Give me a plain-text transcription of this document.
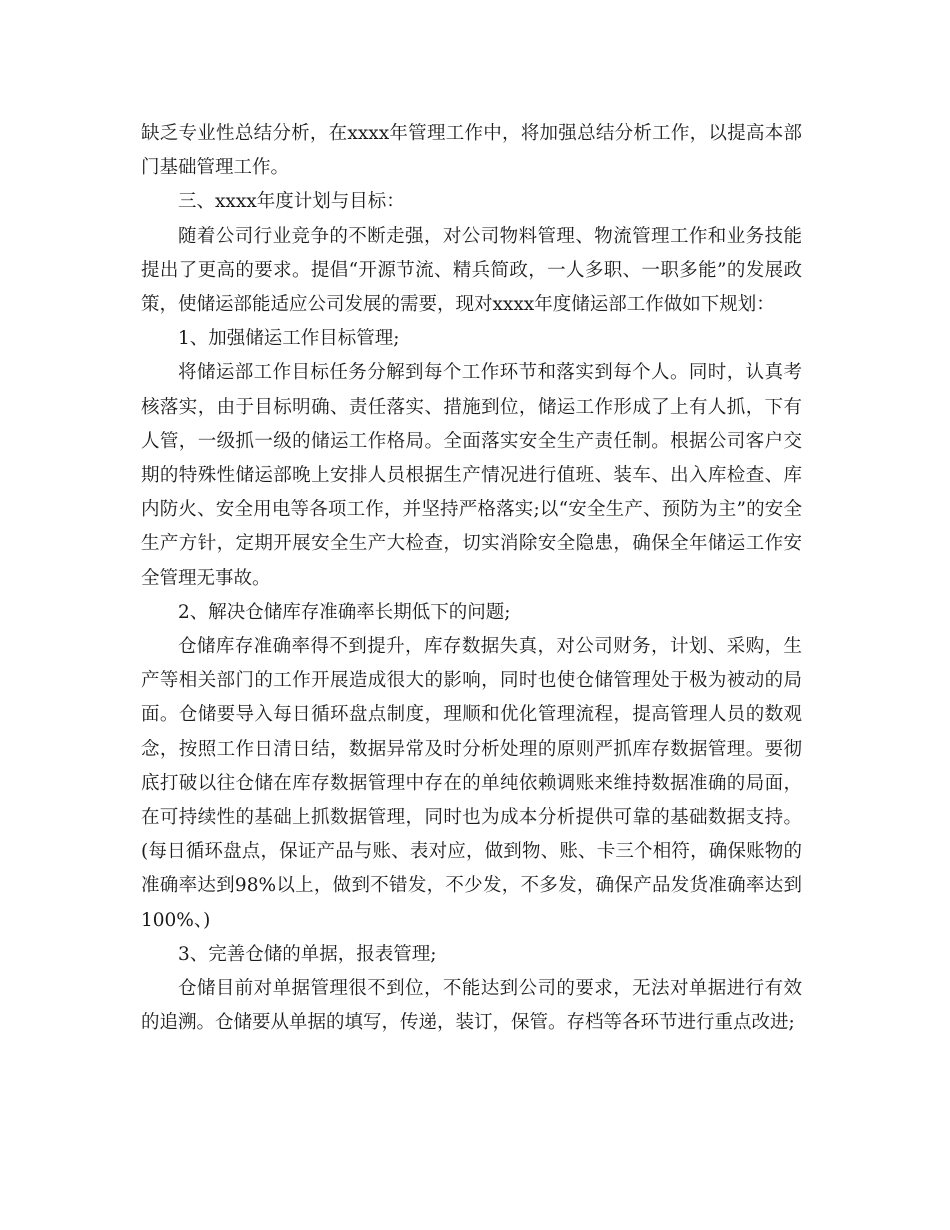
缺乏专业性总结分析，在xxxx年管理工作中，将加强总结分析工作，以提高本部门基础管理工作。

三、xxxx年度计划与目标：

随着公司行业竞争的不断走强，对公司物料管理、物流管理工作和业务技能提出了更高的要求。提倡“开源节流、精兵简政，一人多职、一职多能”的发展政策，使储运部能适应公司发展的需要，现对xxxx年度储运部工作做如下规划：

1、加强储运工作目标管理;

将储运部工作目标任务分解到每个工作环节和落实到每个人。同时，认真考核落实，由于目标明确、责任落实、措施到位，储运工作形成了上有人抓，下有人管，一级抓一级的储运工作格局。全面落实安全生产责任制。根据公司客户交期的特殊性储运部晚上安排人员根据生产情况进行值班、装车、出入库检查、库内防火、安全用电等各项工作，并坚持严格落实;以“安全生产、预防为主”的安全生产方针，定期开展安全生产大检查，切实消除安全隐患，确保全年储运工作安全管理无事故。

2、解决仓储库存准确率长期低下的问题;

仓储库存准确率得不到提升，库存数据失真，对公司财务，计划、采购，生产等相关部门的工作开展造成很大的影响，同时也使仓储管理处于极为被动的局面。仓储要导入每日循环盘点制度，理顺和优化管理流程，提高管理人员的数观念，按照工作日清日结，数据异常及时分析处理的原则严抓库存数据管理。要彻底打破以往仓储在库存数据管理中存在的单纯依赖调账来维持数据准确的局面，在可持续性的基础上抓数据管理，同时也为成本分析提供可靠的基础数据支持。(每日循环盘点，保证产品与账、表对应，做到物、账、卡三个相符，确保账物的准确率达到98%以上，做到不错发，不少发，不多发，确保产品发货准确率达到100%、)

3、完善仓储的单据，报表管理;

仓储目前对单据管理很不到位，不能达到公司的要求，无法对单据进行有效的追溯。仓储要从单据的填写，传递，装订，保管。存档等各环节进行重点改进;
